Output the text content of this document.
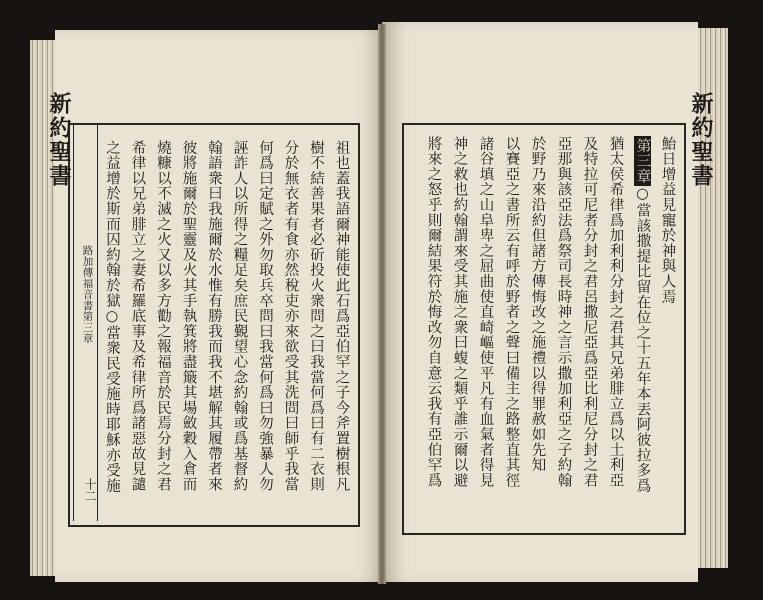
新約聖書
路加傳福音書第三章
十二	祖也蓋我語爾神能使此石爲亞伯罕之子今斧置樹根凡
樹不結善果者必斫投火衆問之曰我當何爲曰有二衣則
分於無衣者有食亦然稅吏亦來欲受其洗問曰師乎我當
何爲曰定賦之外勿取兵卒問曰我當何爲曰勿強暴人勿
誣詐人以所得之糧足矣庶民覲望心念約翰或爲基督約
翰語衆曰我施爾於水惟有勝我而我不堪解其履帶者來
彼將施爾於聖靈及火其手執箕將盡簸其場斂穀入倉而
燒糠以不滅之火又以多方勸之報福音於民焉分封之君
希律以兄弟腓立之妻希羅底事及希律所爲諸惡故見譴
之益增於斯而囚約翰於獄○當衆民受施時耶穌亦受施	新約聖書
鮐日增益見寵於神與人焉
第三章○當該撒提比留在位之十五年本丟阿彼拉多爲
猶太侯希律爲加利利分封之君其兄弟腓立爲以土利亞
及特拉可尼者分封之君呂撒尼亞爲亞比利尼分封之君
亞那與該亞法爲祭司長時神之言示撒加利亞之子約翰
於野乃來沿約但諸方傳悔改之施禮以得罪赦如先知
以賽亞之書所云有呼於野者之聲曰備主之路整直其徑
諸谷填之山阜卑之屈曲使直崎嶇使平凡有血氣者得見
神之救也約翰謂來受其施之衆曰蝮之類乎誰示爾以避
將來之怒乎則爾結果符於悔改勿自意云我有亞伯罕爲
